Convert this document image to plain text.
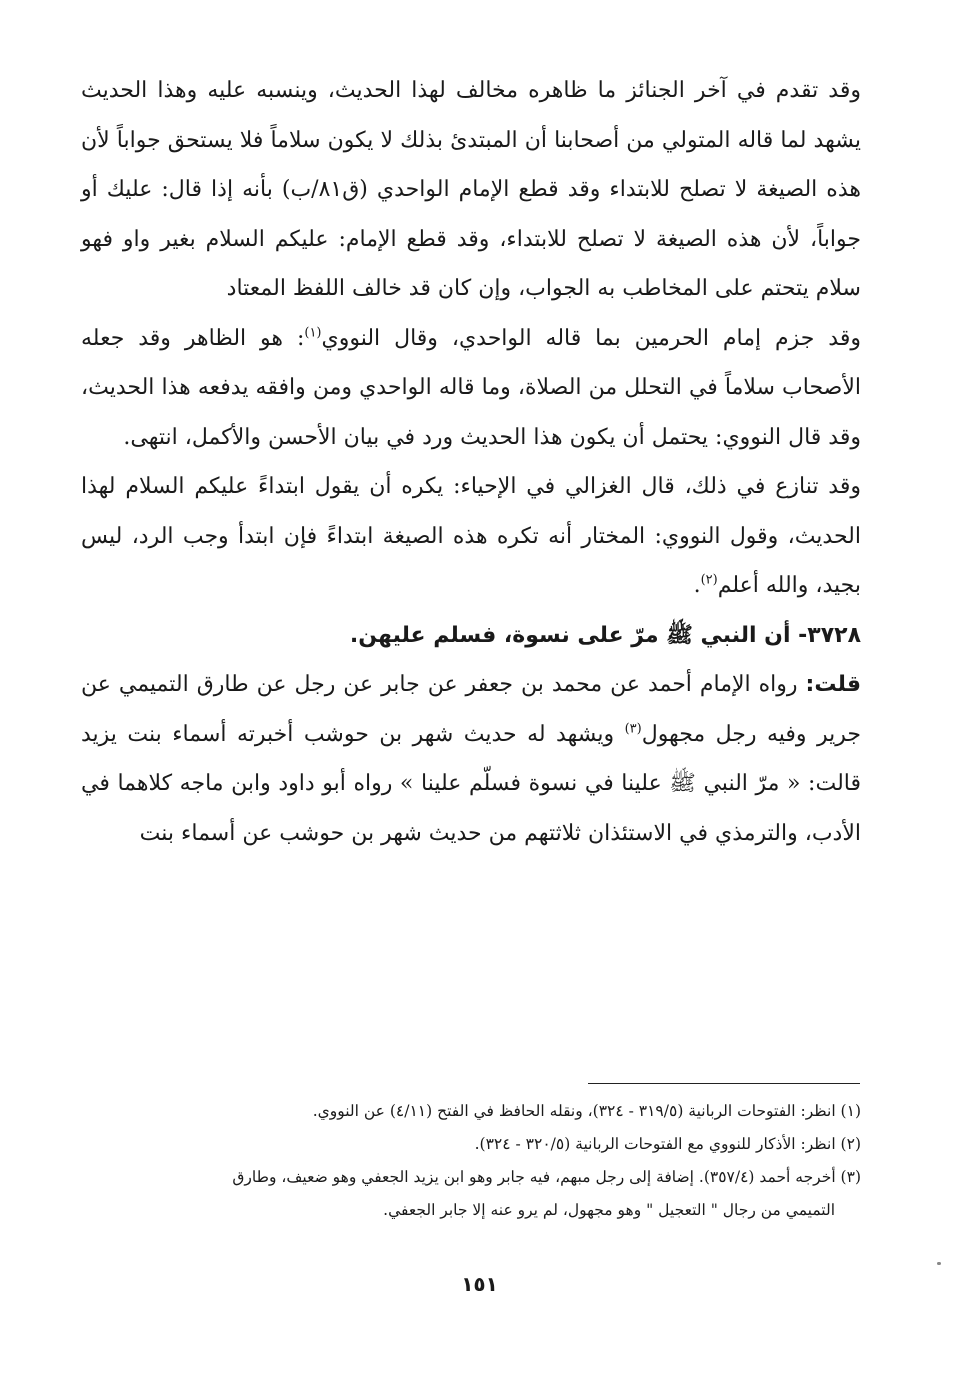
وقد تقدم في آخر الجنائز ما ظاهره مخالف لهذا الحديث، وينسبه عليه وهذا الحديث يشهد لما قاله المتولي من أصحابنا أن المبتدئ بذلك لا يكون سلاماً فلا يستحق جواباً لأن هذه الصيغة لا تصلح للابتداء وقد قطع الإمام الواحدي (ق٨١/ب) بأنه إذا قال: عليك أو جواباً، لأن هذه الصيغة لا تصلح للابتداء، وقد قطع الإمام: عليكم السلام بغير واو فهو سلام يتحتم على المخاطب به الجواب، وإن كان قد خالف اللفظ المعتاد

وقد جزم إمام الحرمين بما قاله الواحدي، وقال النووي$^{(١)}$: هو الظاهر وقد جعله الأصحاب سلاماً في التحلل من الصلاة، وما قاله الواحدي ومن وافقه يدفعه هذا الحديث، وقد قال النووي: يحتمل أن يكون هذا الحديث ورد في بيان الأحسن والأكمل، انتهى.

وقد تنازع في ذلك، قال الغزالي في الإحياء: يكره أن يقول ابتداءً عليكم السلام لهذا الحديث، وقول النووي: المختار أنه تكره هذه الصيغة ابتداءً فإن ابتدأ وجب الرد، ليس بجيد، والله أعلم$^{(٢)}$.

٣٧٢٨- أن النبي ﷺ مرّ على نسوة، فسلم عليهن.

قلت: رواه الإمام أحمد عن محمد بن جعفر عن جابر عن رجل عن طارق التميمي عن جرير وفيه رجل مجهول$^{(٣)}$ ويشهد له حديث شهر بن حوشب أخبرته أسماء بنت يزيد قالت: « مرّ النبي ﷺ علينا في نسوة فسلّم علينا » رواه أبو داود وابن ماجه كلاهما في الأدب، والترمذي في الاستئذان ثلاثتهم من حديث شهر بن حوشب عن أسماء بنت

(١) انظر: الفتوحات الربانية (٣١٩/٥ - ٣٢٤)، ونقله الحافظ في الفتح (٤/١١) عن النووي.

(٢) انظر: الأذكار للنووي مع الفتوحات الربانية (٣٢٠/٥ - ٣٢٤).

(٣) أخرجه أحمد (٣٥٧/٤). إضافة إلى رجل مبهم، فيه جابر وهو ابن يزيد الجعفي وهو ضعيف، وطارق

التميمي من رجال " التعجيل " وهو مجهول، لم يرو عنه إلا جابر الجعفي.

١٥١
